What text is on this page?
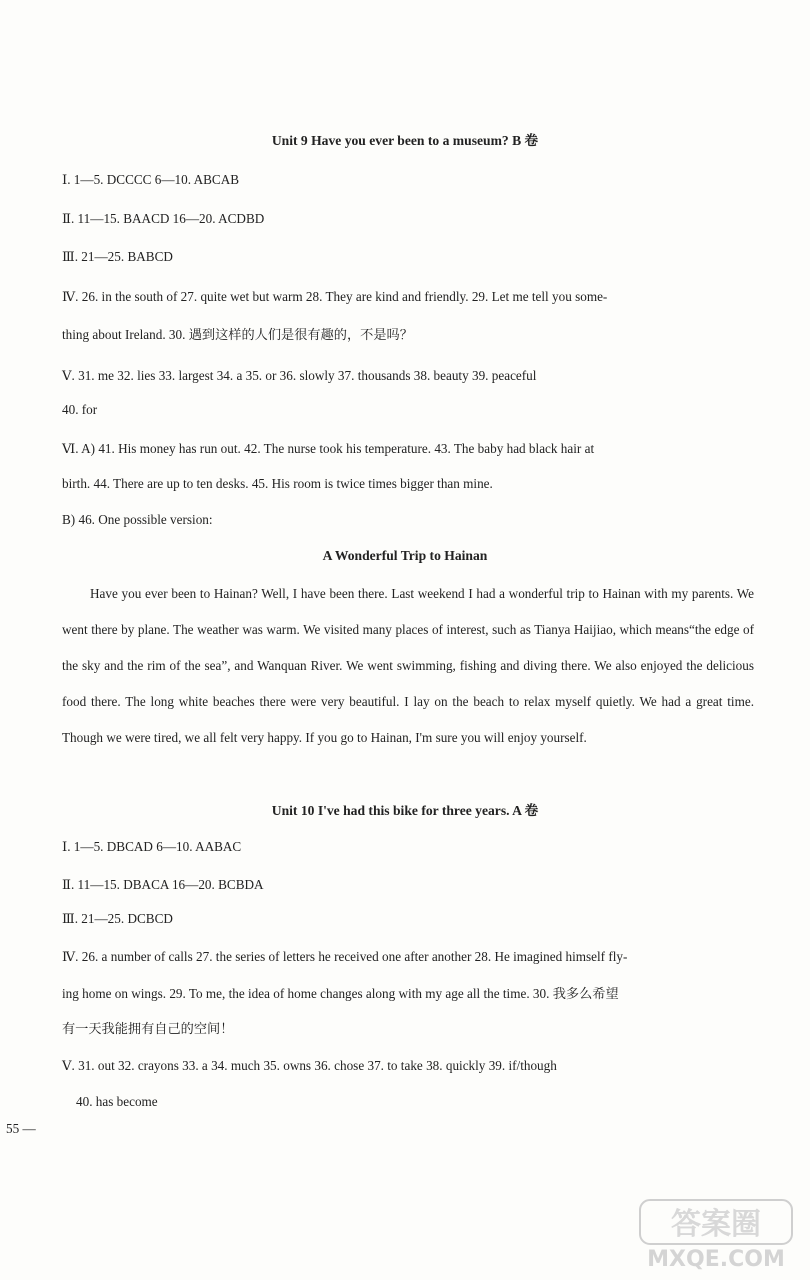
Unit 9 Have you ever been to a museum? B 卷
Ⅰ. 1—5. DCCCC 6—10. ABCAB
Ⅱ. 11—15. BAACD 16—20. ACDBD
Ⅲ. 21—25. BABCD
Ⅳ. 26. in the south of 27. quite wet but warm 28. They are kind and friendly. 29. Let me tell you some-
thing about Ireland. 30. 遇到这样的人们是很有趣的，不是吗？
Ⅴ. 31. me 32. lies 33. largest 34. a 35. or 36. slowly 37. thousands 38. beauty 39. peaceful
40. for
Ⅵ. A) 41. His money has run out. 42. The nurse took his temperature. 43. The baby had black hair at
birth. 44. There are up to ten desks. 45. His room is twice times bigger than mine.
B) 46. One possible version:
A Wonderful Trip to Hainan
Have you ever been to Hainan? Well, I have been there. Last weekend I had a wonderful trip to Hainan with my parents. We went there by plane. The weather was warm. We visited many places of interest, such as Tianya Haijiao, which means“the edge of the sky and the rim of the sea”, and Wanquan River. We went swimming, fishing and diving there. We also enjoyed the delicious food there. The long white beaches there were very beautiful. I lay on the beach to relax myself quietly. We had a great time. Though we were tired, we all felt very happy. If you go to Hainan, I'm sure you will enjoy yourself.
Unit 10 I've had this bike for three years. A 卷
Ⅰ. 1—5. DBCAD 6—10. AABAC
Ⅱ. 11—15. DBACA 16—20. BCBDA
Ⅲ. 21—25. DCBCD
Ⅳ. 26. a number of calls 27. the series of letters he received one after another 28. He imagined himself fly-
ing home on wings. 29. To me, the idea of home changes along with my age all the time. 30. 我多么希望
有一天我能拥有自己的空间！
Ⅴ. 31. out 32. crayons 33. a 34. much 35. owns 36. chose 37. to take 38. quickly 39. if/though
40. has become
55 —
答案圈
MXQE.COM
